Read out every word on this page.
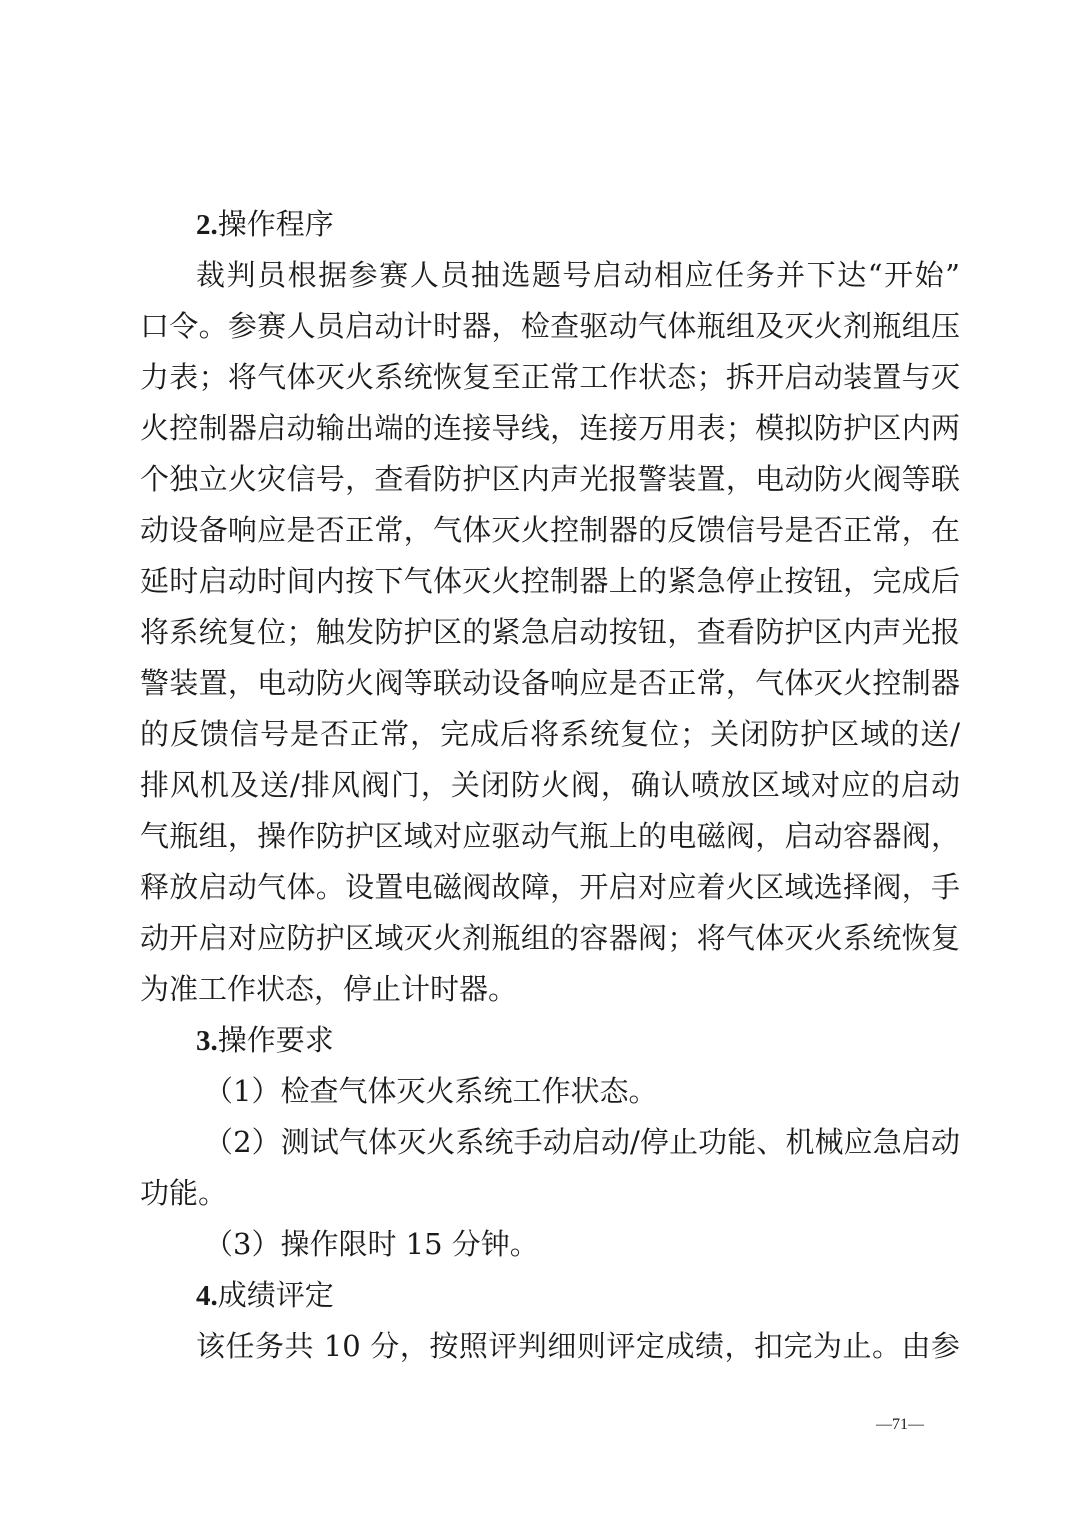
2.操作程序
裁判员根据参赛人员抽选题号启动相应任务并下达“开始”
口令。参赛人员启动计时器，检查驱动气体瓶组及灭火剂瓶组压
力表；将气体灭火系统恢复至正常工作状态；拆开启动装置与灭
火控制器启动输出端的连接导线，连接万用表；模拟防护区内两
个独立火灾信号，查看防护区内声光报警装置，电动防火阀等联
动设备响应是否正常，气体灭火控制器的反馈信号是否正常，在
延时启动时间内按下气体灭火控制器上的紧急停止按钮，完成后
将系统复位；触发防护区的紧急启动按钮，查看防护区内声光报
警装置，电动防火阀等联动设备响应是否正常，气体灭火控制器
的反馈信号是否正常，完成后将系统复位；关闭防护区域的送/
排风机及送/排风阀门，关闭防火阀，确认喷放区域对应的启动
气瓶组，操作防护区域对应驱动气瓶上的电磁阀，启动容器阀，
释放启动气体。设置电磁阀故障，开启对应着火区域选择阀，手
动开启对应防护区域灭火剂瓶组的容器阀；将气体灭火系统恢复
为准工作状态，停止计时器。
3.操作要求
（1）检查气体灭火系统工作状态。
（2）测试气体灭火系统手动启动/停止功能、机械应急启动
功能。
（3）操作限时 15 分钟。
4.成绩评定
该任务共 10 分，按照评判细则评定成绩，扣完为止。由参
—71—
